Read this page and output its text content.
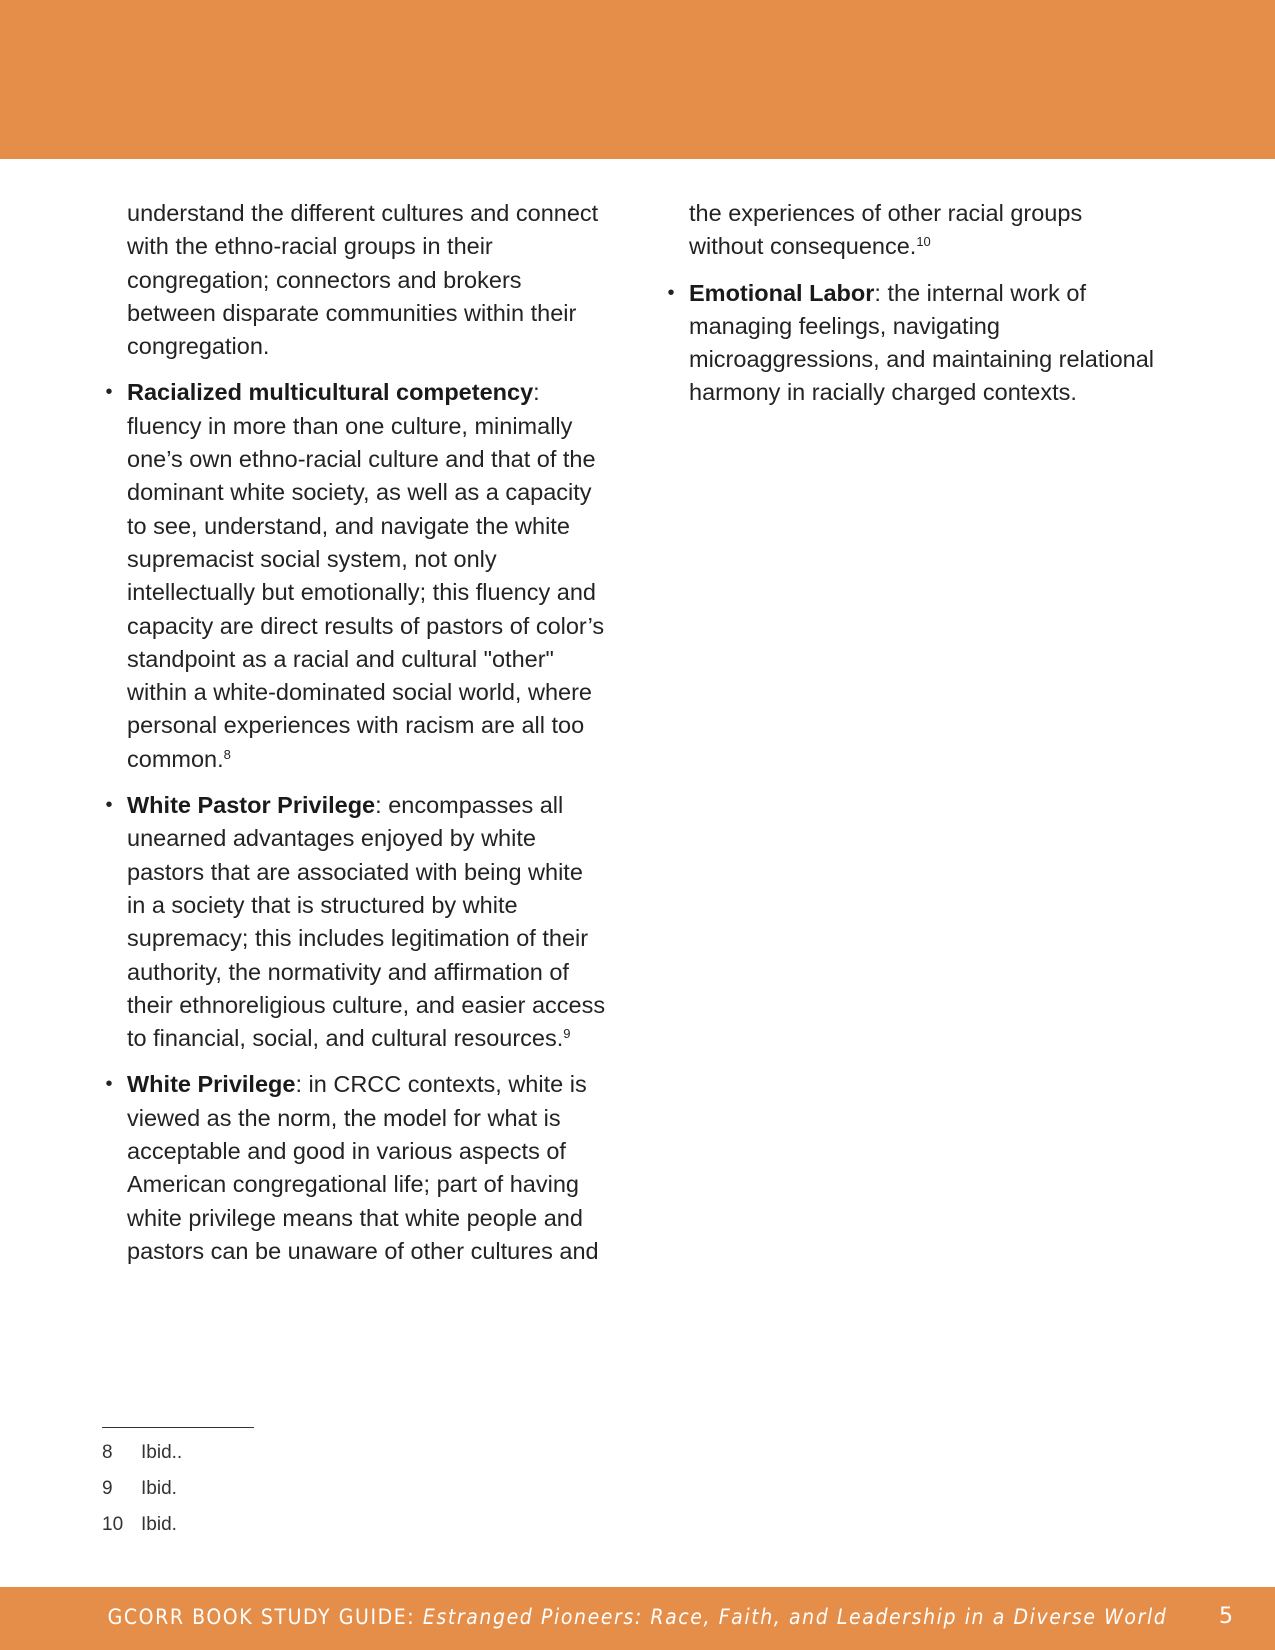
understand the different cultures and connect with the ethno-racial groups in their congregation; connectors and brokers between disparate communities within their congregation.

• Racialized multicultural competency: fluency in more than one culture, minimally one’s own ethno-racial culture and that of the dominant white society, as well as a capacity to see, understand, and navigate the white supremacist social system, not only intellectually but emotionally; this fluency and capacity are direct results of pastors of color’s standpoint as a racial and cultural "other" within a white-dominated social world, where personal experiences with racism are all too common.$^8$
• White Pastor Privilege: encompasses all unearned advantages enjoyed by white pastors that are associated with being white in a society that is structured by white supremacy; this includes legitimation of their authority, the normativity and affirmation of their ethnoreligious culture, and easier access to financial, social, and cultural resources.$^9$
• White Privilege: in CRCC contexts, white is viewed as the norm, the model for what is acceptable and good in various aspects of American congregational life; part of having white privilege means that white people and pastors can be unaware of other cultures and

the experiences of other racial groups without consequence.$^{10}$

• Emotional Labor: the internal work of managing feelings, navigating microaggressions, and maintaining relational harmony in racially charged contexts.
8	Ibid..
9	Ibid.
10 Ibid.
GCORR BOOK STUDY GUIDE: Estranged Pioneers: Race, Faith, and Leadership in a Diverse World	5
